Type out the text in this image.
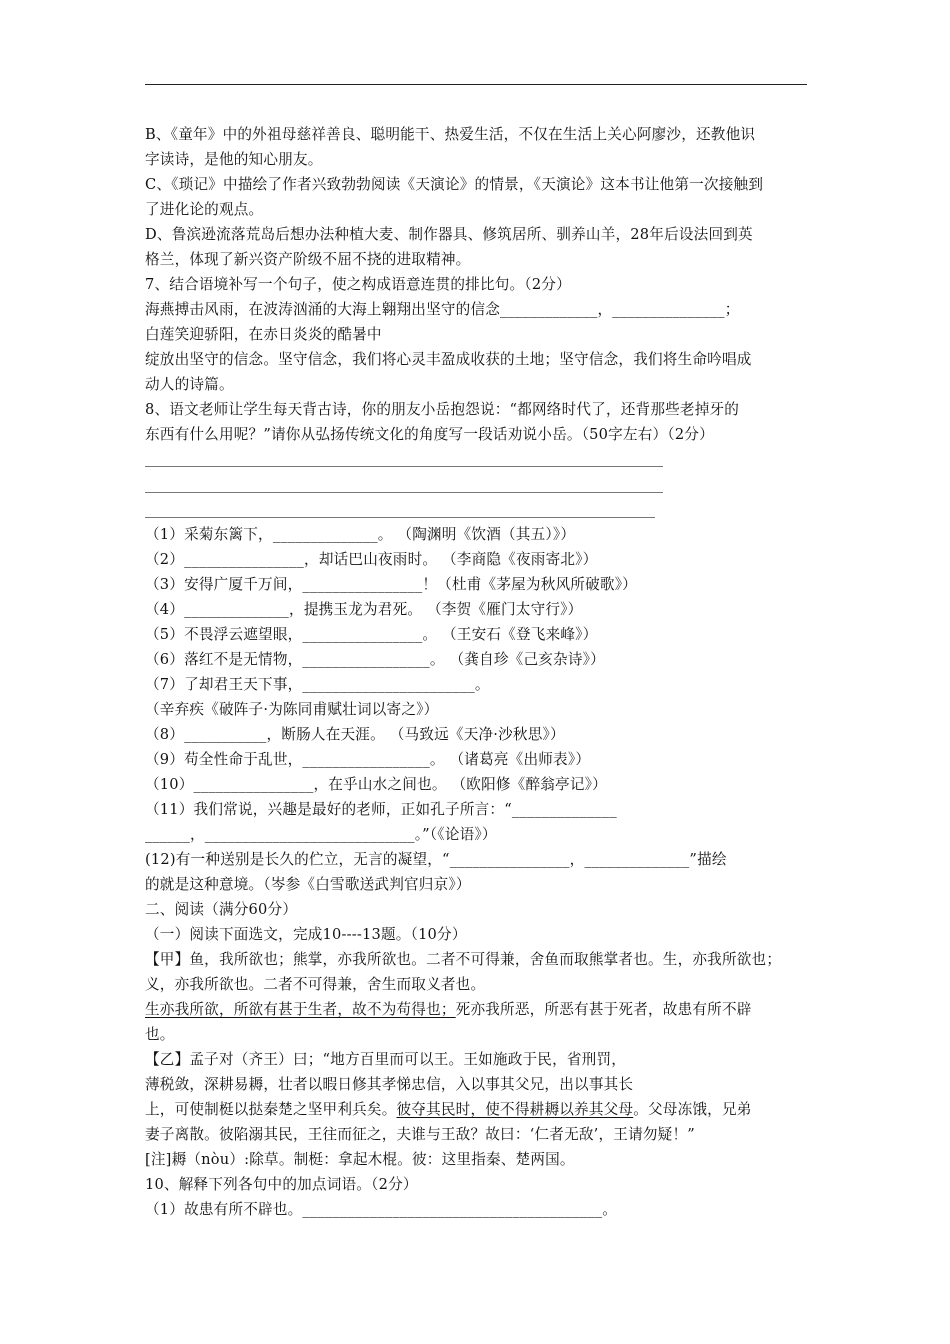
B、《童年》中的外祖母慈祥善良、聪明能干、热爱生活，不仅在生活上关心阿廖沙，还教他识
字读诗，是他的知心朋友。
C、《琐记》中描绘了作者兴致勃勃阅读《天演论》的情景，《天演论》这本书让他第一次接触到
了进化论的观点。
D、鲁滨逊流落荒岛后想办法种植大麦、制作器具、修筑居所、驯养山羊，28年后设法回到英
格兰，体现了新兴资产阶级不屈不挠的进取精神。
7、结合语境补写一个句子，使之构成语意连贯的排比句。（2分）
海燕搏击风雨，在波涛汹涌的大海上翱翔出坚守的信念_____________，_______________；
白莲笑迎骄阳，在赤日炎炎的酷暑中
绽放出坚守的信念。坚守信念，我们将心灵丰盈成收获的土地；坚守信念，我们将生命吟唱成
动人的诗篇。
8、语文老师让学生每天背古诗，你的朋友小岳抱怨说：“都网络时代了，还背那些老掉牙的
东西有什么用呢？”请你从弘扬传统文化的角度写一段话劝说小岳。（50字左右）（2分）
（1）采菊东篱下，______________。 （陶渊明《饮酒（其五）》）
（2）________________，却话巴山夜雨时。 （李商隐《夜雨寄北》）
（3）安得广厦千万间，________________！（杜甫《茅屋为秋风所破歌》）
（4）______________，提携玉龙为君死。 （李贺《雁门太守行》）
（5）不畏浮云遮望眼，________________。 （王安石《登飞来峰》）
（6）落红不是无情物，_________________。 （龚自珍《己亥杂诗》）
（7）了却君王天下事，_______________________。
（辛弃疾《破阵子·为陈同甫赋壮词以寄之》）
（8）___________，断肠人在天涯。 （马致远《天净·沙秋思》）
（9）苟全性命于乱世，_________________。 （诸葛亮《出师表》）
（10）________________，在乎山水之间也。 （欧阳修《醉翁亭记》）
（11）我们常说，兴趣是最好的老师，正如孔子所言：“______________
______，____________________________。”（《论语》）
(12)有一种送别是长久的伫立，无言的凝望，“________________，______________”描绘
的就是这种意境。（岑参《白雪歌送武判官归京》）
二、阅读（满分60分）
（一）阅读下面选文，完成10----13题。（10分）
【甲】鱼，我所欲也；熊掌，亦我所欲也。二者不可得兼，舍鱼而取熊掌者也。生，亦我所欲也；
义，亦我所欲也。二者不可得兼，舍生而取义者也。
生亦我所欲，所欲有甚于生者，故不为苟得也；死亦我所恶，所恶有甚于死者，故患有所不辟
也。
【乙】孟子对（齐王）曰；“地方百里而可以王。王如施政于民，省刑罚，
薄税敛，深耕易耨，壮者以暇日修其孝悌忠信，入以事其父兄，出以事其长
上，可使制梃以挞秦楚之坚甲利兵矣。彼夺其民时，使不得耕耨以养其父母。父母冻饿，兄弟
妻子离散。彼陷溺其民，王往而征之，夫谁与王敌？故曰：‘仁者无敌’，王请勿疑！”
[注]耨（nòu）:除草。制梃：拿起木棍。彼：这里指秦、楚两国。
10、解释下列各句中的加点词语。（2分）
（1）故患有所不辟也。________________________________________。
